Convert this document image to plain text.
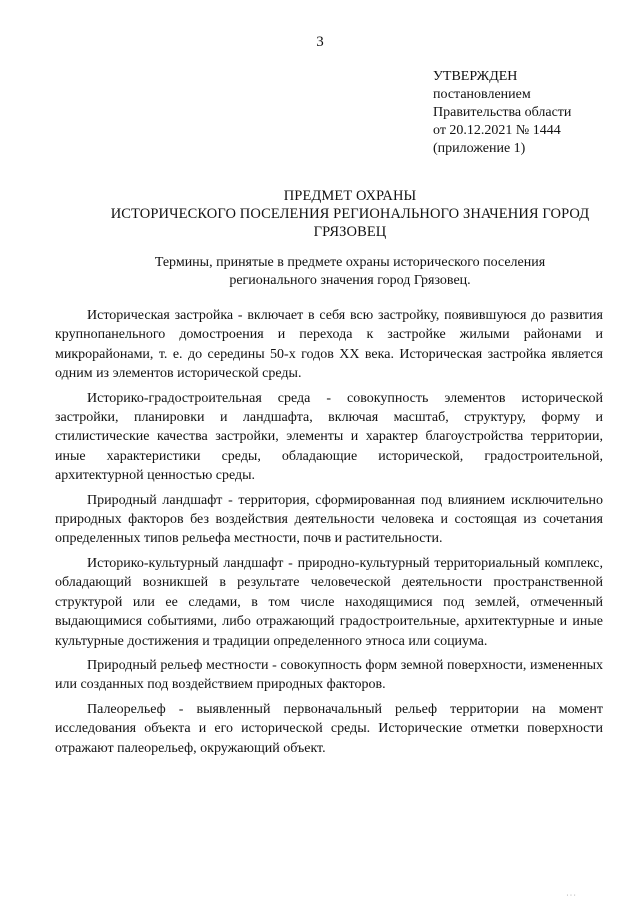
3
УТВЕРЖДЕН
постановлением
Правительства области
от 20.12.2021 № 1444
(приложение 1)
ПРЕДМЕТ ОХРАНЫ
ИСТОРИЧЕСКОГО ПОСЕЛЕНИЯ РЕГИОНАЛЬНОГО ЗНАЧЕНИЯ ГОРОД
ГРЯЗОВЕЦ
Термины, принятые в предмете охраны исторического поселения
регионального значения город Грязовец.

Историческая застройка - включает в себя всю застройку, появившуюся до развития крупнопанельного домостроения и перехода к застройке жилыми районами и микрорайонами, т. е. до середины 50-х годов XX века. Историческая застройка является одним из элементов исторической среды.

Историко-градостроительная среда - совокупность элементов исторической застройки, планировки и ландшафта, включая масштаб, структуру, форму и стилистические качества застройки, элементы и характер благоустройства территории, иные характеристики среды, обладающие исторической, градостроительной, архитектурной ценностью среды.

Природный ландшафт - территория, сформированная под влиянием исключительно природных факторов без воздействия деятельности человека и состоящая из сочетания определенных типов рельефа местности, почв и растительности.

Историко-культурный ландшафт - природно-культурный территориальный комплекс, обладающий возникшей в результате человеческой деятельности пространственной структурой или ее следами, в том числе находящимися под землей, отмеченный выдающимися событиями, либо отражающий градостроительные, архитектурные и иные культурные достижения и традиции определенного этноса или социума.

Природный рельеф местности - совокупность форм земной поверхности, измененных или созданных под воздействием природных факторов.

Палеорельеф - выявленный первоначальный рельеф территории на момент исследования объекта и его исторической среды. Исторические отметки поверхности отражают палеорельеф, окружающий объект.

˙˙˙
